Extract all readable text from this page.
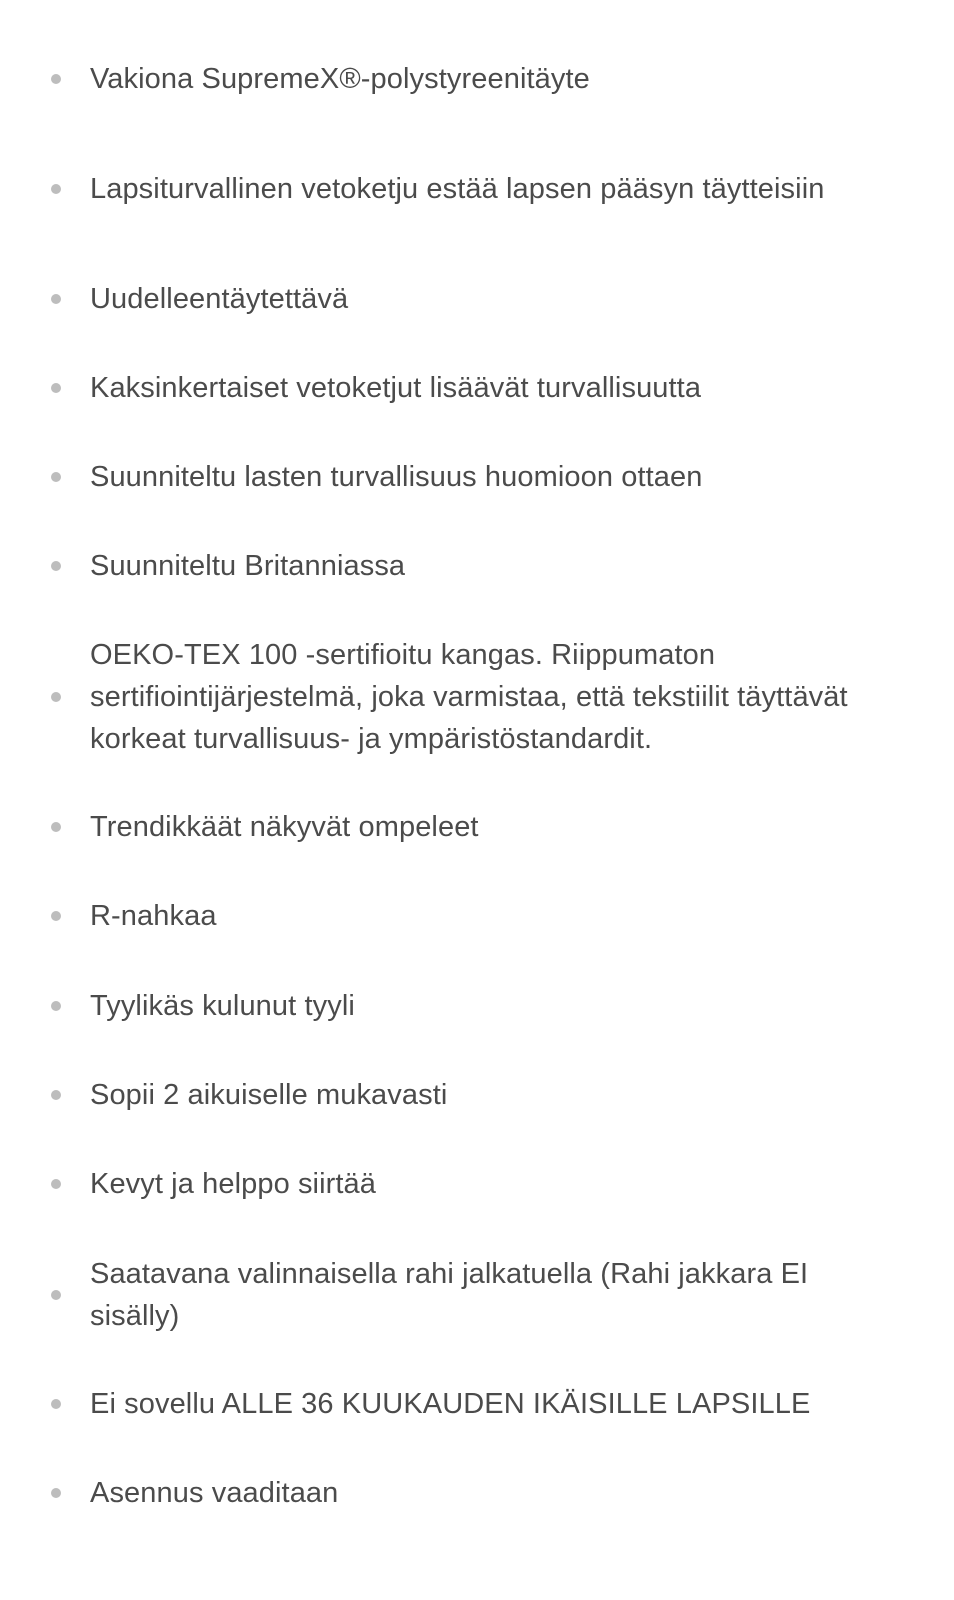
Vakiona SupremeX®-polystyreenitäyte
Lapsiturvallinen vetoketju estää lapsen pääsyn täytteisiin
Uudelleentäytettävä
Kaksinkertaiset vetoketjut lisäävät turvallisuutta
Suunniteltu lasten turvallisuus huomioon ottaen
Suunniteltu Britanniassa
OEKO-TEX 100 -sertifioitu kangas. Riippumaton sertifiointijärjestelmä, joka varmistaa, että tekstiilit täyttävät korkeat turvallisuus- ja ympäristöstandardit.
Trendikkäät näkyvät ompeleet
R-nahkaa
Tyylikäs kulunut tyyli
Sopii 2 aikuiselle mukavasti
Kevyt ja helppo siirtää
Saatavana valinnaisella rahi jalkatuella (Rahi jakkara EI sisälly)
Ei sovellu ALLE 36 KUUKAUDEN IKÄISILLE LAPSILLE
Asennus vaaditaan
